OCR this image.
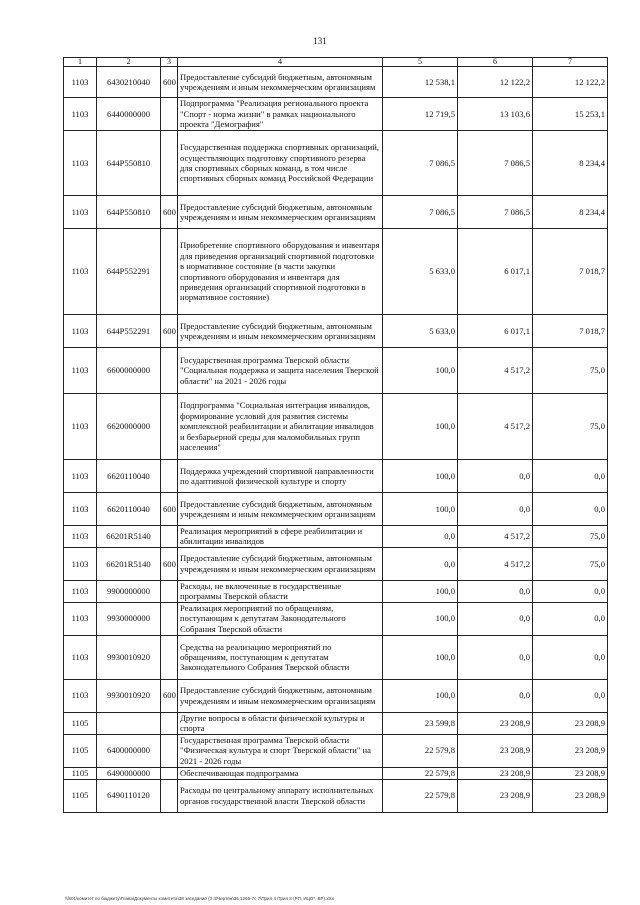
131
1	2	3	4	5	6	7
1103	6430210040	600	Предоставление субсидий бюджетным, автономным учреждениям и иным некоммерческим организациям	12 538,1	12 122,2	12 122,2
1103	6440000000		Подпрограмма "Реализация регионального проекта "Спорт - норма жизни" в рамках национального проекта "Демография"	12 719,5	13 103,6	15 253,1
1103	644P550810		Государственная поддержка спортивных организаций, осуществляющих подготовку спортивного резерва для спортивных сборных команд, в том числе спортивных сборных команд Российской Федерации	7 086,5	7 086,5	8 234,4
1103	644P550810	600	Предоставление субсидий бюджетным, автономным учреждениям и иным некоммерческим организациям	7 086,5	7 086,5	8 234,4
1103	644P552291		Приобретение спортивного оборудования и инвентаря для приведения организаций спортивной подготовки в нормативное состояние (в части закупки спортивного оборудования и инвентаря для приведения организаций спортивной подготовки в нормативное состояние)	5 633,0	6 017,1	7 018,7
1103	644P552291	600	Предоставление субсидий бюджетным, автономным учреждениям и иным некоммерческим организациям	5 633,0	6 017,1	7 018,7
1103	6600000000		Государственная программа Тверской области "Социальная поддержка и защита населения Тверской области" на 2021 - 2026 годы	100,0	4 517,2	75,0
1103	6620000000		Подпрограмма "Социальная интеграция инвалидов, формирование условий для развития системы комплексной реабилитации и абилитации инвалидов и безбарьерной среды для маломобильных групп населения"	100,0	4 517,2	75,0
1103	6620110040		Поддержка учреждений спортивной направленности по адаптивной физической культуре и спорту	100,0	0,0	0,0
1103	6620110040	600	Предоставление субсидий бюджетным, автономным учреждениям и иным некоммерческим организациям	100,0	0,0	0,0
1103	66201R5140		Реализация мероприятий в сфере реабилитации и абилитации инвалидов	0,0	4 517,2	75,0
1103	66201R5140	600	Предоставление субсидий бюджетным, автономным учреждениям и иным некоммерческим организациям	0,0	4 517,2	75,0
1103	9900000000		Расходы, не включенные в государственные программы Тверской области	100,0	0,0	0,0
1103	9930000000		Реализация мероприятий по обращениям, поступающим к депутатам Законодательного Собрания Тверской области	100,0	0,0	0,0
1103	9930010920		Средства на реализацию мероприятий по обращениям, поступающим к депутатам Законодательного Собрания Тверской области	100,0	0,0	0,0
1103	9930010920	600	Предоставление субсидий бюджетным, автономным учреждениям и иным некоммерческим организациям	100,0	0,0	0,0
1105			Другие вопросы в области физической культуры и спорта	23 599,8	23 208,9	23 208,9
1105	6400000000		Государственная программа Тверской области "Физическая культура и спорт Тверской области" на 2021 - 2026 годы	22 579,8	23 208,9	23 208,9
1105	6490000000		Обеспечивающая подпрограмма	22 579,8	23 208,9	23 208,9
1105	6490110120		Расходы по центральному аппарату исполнительных органов государственной власти Тверской области	22 579,8	23 208,9	23 208,9
\\fs01\комитет по бюджету\Глава\Документы комитета\38 заседание (3 3\Чертеж\36 1265-7с 7\Прил 4 Прил 8 (РП, ИЦО*, ВР).xlsx
